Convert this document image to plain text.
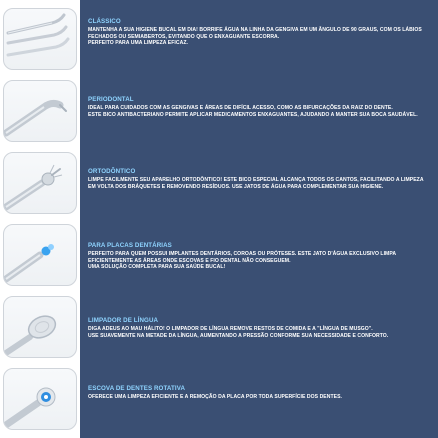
CLÁSSICO

MANTENHA A SUA HIGIENE BUCAL EM DIA! BORRIFE ÁGUA NA LINHA DA GENGIVA EM UM ÂNGULO DE 90 GRAUS, COM OS LÁBIOS FECHADOS OU SEMIABERTOS, EVITANDO QUE O ENXAGUANTE ESCORRA.

PERFEITO PARA UMA LIMPEZA EFICAZ.

PERIODONTAL

IDEAL PARA CUIDADOS COM AS GENGIVAS E ÁREAS DE DIFÍCIL ACESSO, COMO AS BIFURCAÇÕES DA RAIZ DO DENTE.

ESTE BICO ANTIBACTERIANO PERMITE APLICAR MEDICAMENTOS ENXAGUANTES, AJUDANDO A MANTER SUA BOCA SAUDÁVEL.

ORTODÔNTICO

LIMPE FACILMENTE SEU APARELHO ORTODÔNTICO! ESTE BICO ESPECIAL ALCANÇA TODOS OS CANTOS, FACILITANDO A LIMPEZA EM VOLTA DOS BRÁQUETES E REMOVENDO RESÍDUOS. USE JATOS DE ÁGUA PARA COMPLEMENTAR SUA HIGIENE.

PARA PLACAS DENTÁRIAS

PERFEITO PARA QUEM POSSUI IMPLANTES DENTÁRIOS, COROAS OU PRÓTESES. ESTE JATO D'ÁGUA EXCLUSIVO LIMPA EFICIENTEMENTE AS ÁREAS ONDE ESCOVAS E FIO DENTAL NÃO CONSEGUEM.

UMA SOLUÇÃO COMPLETA PARA SUA SAÚDE BUCAL!

LIMPADOR DE LÍNGUA

DIGA ADEUS AO MAU HÁLITO! O LIMPADOR DE LÍNGUA REMOVE RESTOS DE COMIDA E A "LÍNGUA DE MUSGO".

USE SUAVEMENTE NA METADE DA LÍNGUA, AUMENTANDO A PRESSÃO CONFORME SUA NECESSIDADE E CONFORTO.

ESCOVA DE DENTES ROTATIVA

OFERECE UMA LIMPEZA EFICIENTE E A REMOÇÃO DA PLACA POR TODA SUPERFÍCIE DOS DENTES.
